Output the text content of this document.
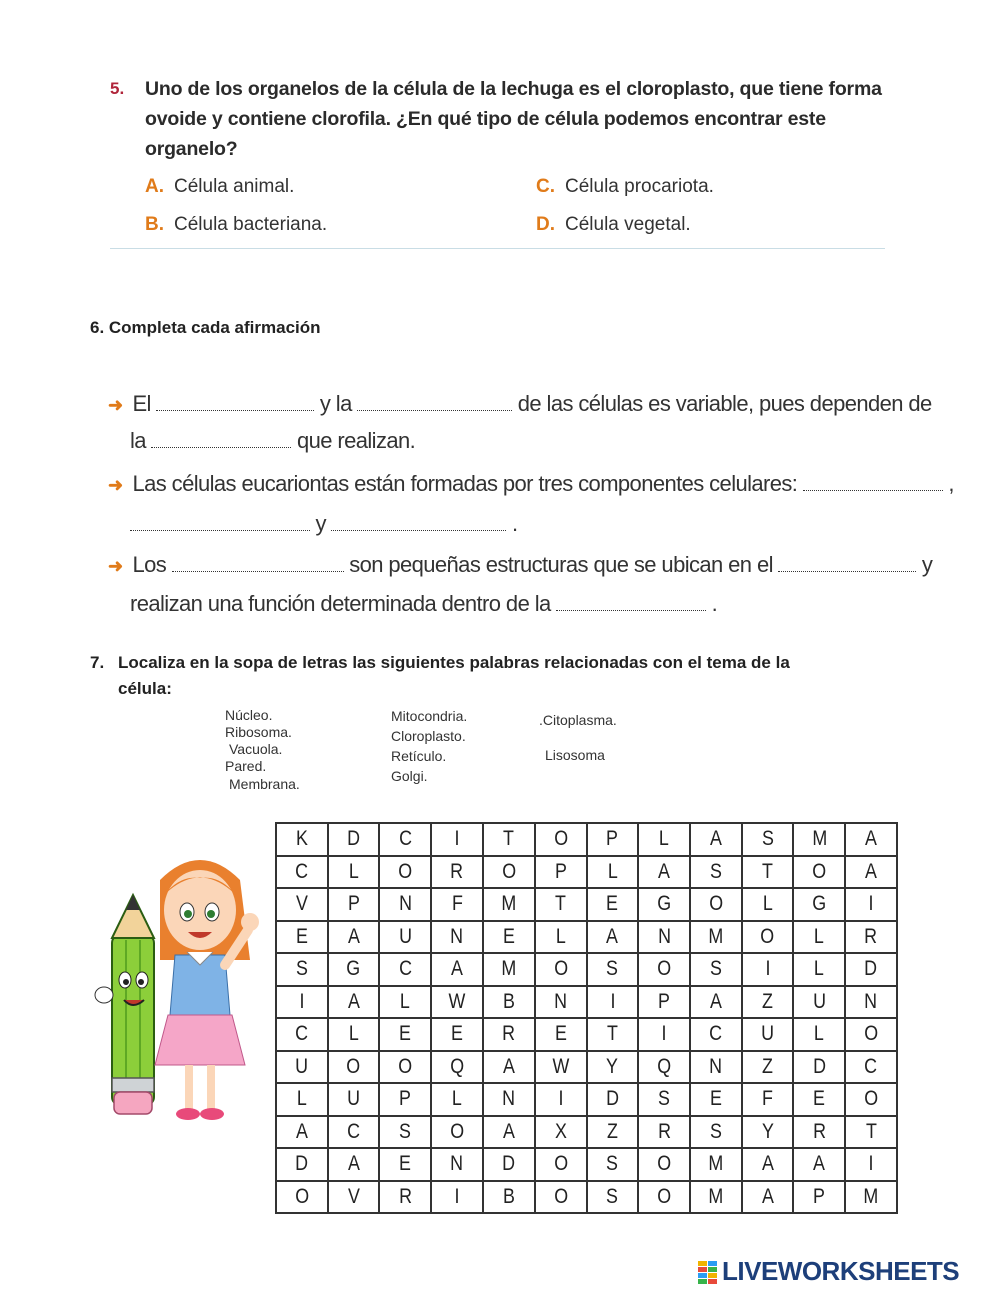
5. Uno de los organelos de la célula de la lechuga es el cloroplasto, que tiene forma
ovoide y contiene clorofila. ¿En qué tipo de célula podemos encontrar este
organelo?
A. Célula animal.
B. Célula bacteriana.
C. Célula procariota.
D. Célula vegetal.
6. Completa cada afirmación
➜ El	y la	de las células es variable, pues dependen de
la	que realizan.
➜ Las células eucariontas están formadas por tres componentes celulares:	,
y	.
➜ Los	son pequeñas estructuras que se ubican en el	y
realizan una función determinada dentro de la	.
7. Localiza en la sopa de letras las siguientes palabras relacionadas con el tema de la
célula:
Núcleo.
Ribosoma.
Vacuola.
Pared.
Membrana.
Mitocondria.
Cloroplasto.
Retículo.
Golgi.
.Citoplasma.
Lisosoma
K	D	C	I	T	O	P	L	A	S	M	A
C	L	O	R	O	P	L	A	S	T	O	A
V	P	N	F	M	T	E	G	O	L	G	I
E	A	U	N	E	L	A	N	M	O	L	R
S	G	C	A	M	O	S	O	S	I	L	D
I	A	L	W	B	N	I	P	A	Z	U	N
C	L	E	E	R	E	T	I	C	U	L	O
U	O	O	Q	A	W	Y	Q	N	Z	D	C
L	U	P	L	N	I	D	S	E	F	E	O
A	C	S	O	A	X	Z	R	S	Y	R	T
D	A	E	N	D	O	S	O	M	A	A	I
O	V	R	I	B	O	S	O	M	A	P	M
LIVEWORKSHEETS
